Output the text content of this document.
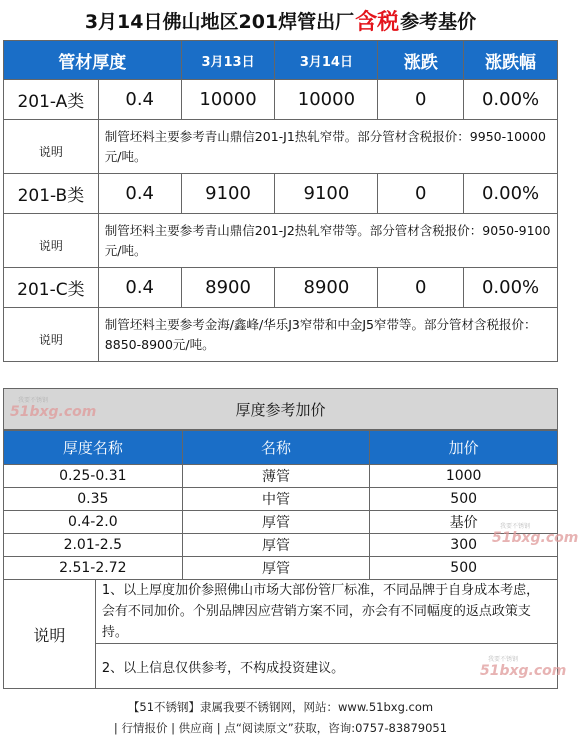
3月14日佛山地区201焊管出厂 含税 参考基价
管材厚度		3月13日	3月14日	涨跌	涨跌幅
201-A类	0.4	10000	10000	0	0.00%
说明	制管坯料主要参考青山鼎信201-J1热轧窄带。部分管材含税报价：9950-10000元/吨。				
201-B类	0.4	9100	9100	0	0.00%
说明	制管坯料主要参考青山鼎信201-J2热轧窄带等。部分管材含税报价：9050-9100元/吨。				
201-C类	0.4	8900	8900	0	0.00%
说明	制管坯料主要参考金海/鑫峰/华乐J3窄带和中金J5窄带等。部分管材含税报价：8850-8900元/吨。				
厚度参考加价
厚度名称		名称	加价
0.25-0.31		薄管	1000
0.35		中管	500
0.4-2.0		厚管	基价
2.01-2.5		厚管	300
2.51-2.72		厚管	500
说明	1、以上厚度加价参照佛山市场大部份管厂标准，不同品牌于自身成本考虑，会有不同加价。个别品牌因应营销方案不同，亦会有不同幅度的返点政策支持。		
	2、以上信息仅供参考，不构成投资建议。		
我要不锈钢
51bxg.com
我要不锈钢
51bxg.com
我要不锈钢
51bxg.com
【51不锈钢】隶属我要不锈钢网，网站：www.51bxg.com
| 行情报价 | 供应商 | 点“阅读原文”获取，咨询:0757-83879051
